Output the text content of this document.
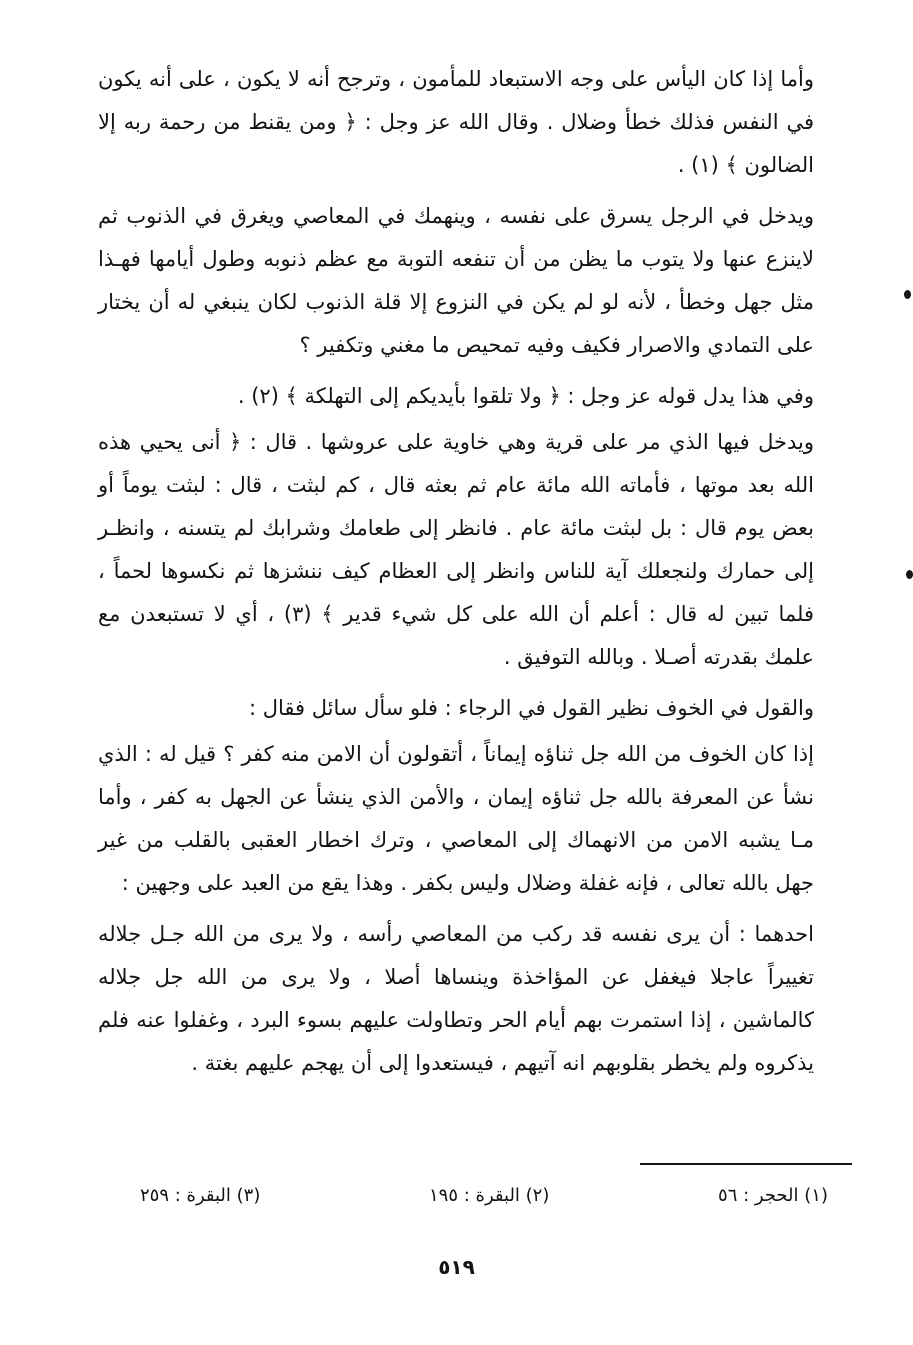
وأما إذا كان اليأس على وجه الاستبعاد للمأمون ، وترجح أنه لا يكون ، على أنه يكون في النفس فذلك خطأ وضلال . وقال الله عز وجل : ﴿ ومن يقنط من رحمة ربه إلا الضالون ﴾ (١) .

ويدخل في الرجل يسرق على نفسه ، وينهمك في المعاصي ويغرق في الذنوب ثم لاينزع عنها ولا يتوب ما يظن من أن تنفعه التوبة مع عظم ذنوبه وطول أيامها فهـذا مثل جهل وخطأ ، لأنه لو لم يكن في النزوع إلا قلة الذنوب لكان ينبغي له أن يختار على التمادي والاصرار فكيف وفيه تمحيص ما مغني وتكفير ؟

وفي هذا يدل قوله عز وجل : ﴿ ولا تلقوا بأيديكم إلى التهلكة ﴾ (٢) .

ويدخل فيها الذي مر على قرية وهي خاوية على عروشها . قال : ﴿ أنى يحيي هذه الله بعد موتها ، فأماته الله مائة عام ثم بعثه قال ، كم لبثت ، قال : لبثت يوماً أو بعض يوم قال : بل لبثت مائة عام . فانظر إلى طعامك وشرابك لم يتسنه ، وانظـر إلى حمارك ولنجعلك آية للناس وانظر إلى العظام كيف ننشزها ثم نكسوها لحماً ، فلما تبين له قال : أعلم أن الله على كل شيء قدير ﴾ (٣) ، أي لا تستبعدن مع علمك بقدرته أصـلا . وبالله التوفيق .

والقول في الخوف نظير القول في الرجاء : فلو سأل سائل فقال :

إذا كان الخوف من الله جل ثناؤه إيماناً ، أتقولون أن الامن منه كفر ؟ قيل له : الذي نشأ عن المعرفة بالله جل ثناؤه إيمان ، والأمن الذي ينشأ عن الجهل به كفر ، وأما مـا يشبه الامن من الانهماك إلى المعاصي ، وترك اخطار العقبى بالقلب من غير جهل بالله تعالى ، فإنه غفلة وضلال وليس بكفر . وهذا يقع من العبد على وجهين :

احدهما : أن يرى نفسه قد ركب من المعاصي رأسه ، ولا يرى من الله جـل جلاله تغييراً عاجلا فيغفل عن المؤاخذة وينساها أصلا ، ولا يرى من الله جل جلاله كالماشين ، إذا استمرت بهم أيام الحر وتطاولت عليهم بسوء البرد ، وغفلوا عنه فلم يذكروه ولم يخطر بقلوبهم انه آتيهم ، فيستعدوا إلى أن يهجم عليهم بغتة .

(١) الحجر : ٥٦
(٢) البقرة : ١٩٥
(٣) البقرة : ٢٥٩
٥١٩
